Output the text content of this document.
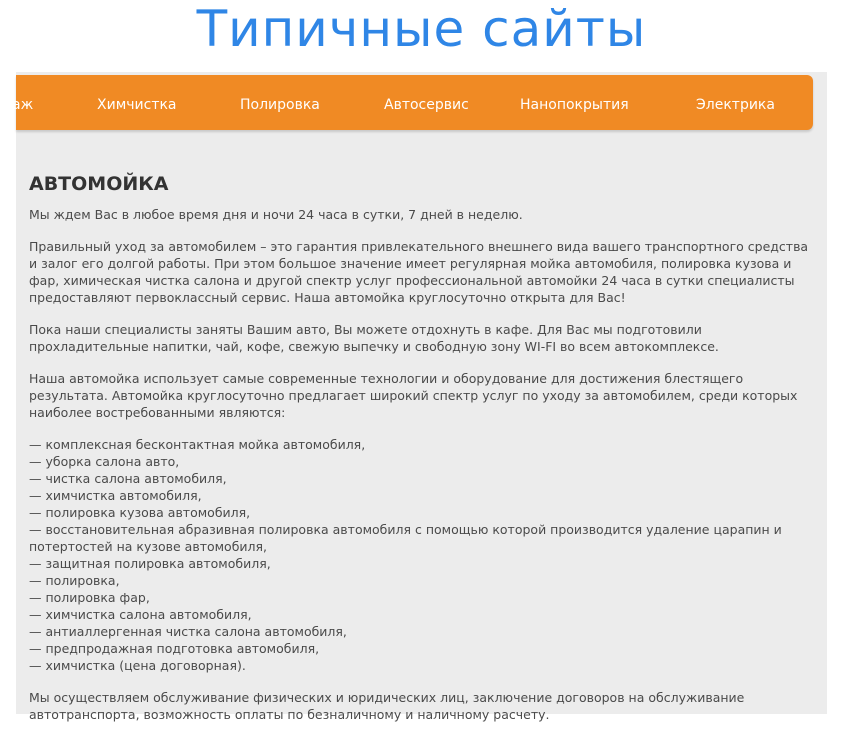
Типичные сайты
аж	Химчистка	Полировка	Автосервис	Нанопокрытия	Электрика
АВТОМОЙКА

Мы ждем Вас в любое время дня и ночи 24 часа в сутки, 7 дней в неделю.

Правильный уход за автомобилем – это гарантия привлекательного внешнего вида вашего транспортного средства и залог его долгой работы. При этом большое значение имеет регулярная мойка автомобиля, полировка кузова и фар, химическая чистка салона и другой спектр услуг профессиональной автомойки 24 часа в сутки специалисты предоставляют первоклассный сервис. Наша автомойка круглосуточно открыта для Вас!

Пока наши специалисты заняты Вашим авто, Вы можете отдохнуть в кафе. Для Вас мы подготовили прохладительные напитки, чай, кофе, свежую выпечку и свободную зону WI-FI во всем автокомплексе.

Наша автомойка использует самые современные технологии и оборудование для достижения блестящего результата. Автомойка круглосуточно предлагает широкий спектр услуг по уходу за автомобилем, среди которых наиболее востребованными являются:

— комплексная бесконтактная мойка автомобиля,
— уборка салона авто,
— чистка салона автомобиля,
— химчистка автомобиля,
— полировка кузова автомобиля,
— восстановительная абразивная полировка автомобиля с помощью которой производится удаление царапин и потертостей на кузове автомобиля,
— защитная полировка автомобиля,
— полировка,
— полировка фар,
— химчистка салона автомобиля,
— антиаллергенная чистка салона автомобиля,
— предпродажная подготовка автомобиля,
— химчистка (цена договорная).

Мы осуществляем обслуживание физических и юридических лиц, заключение договоров на обслуживание автотранспорта, возможность оплаты по безналичному и наличному расчету.
